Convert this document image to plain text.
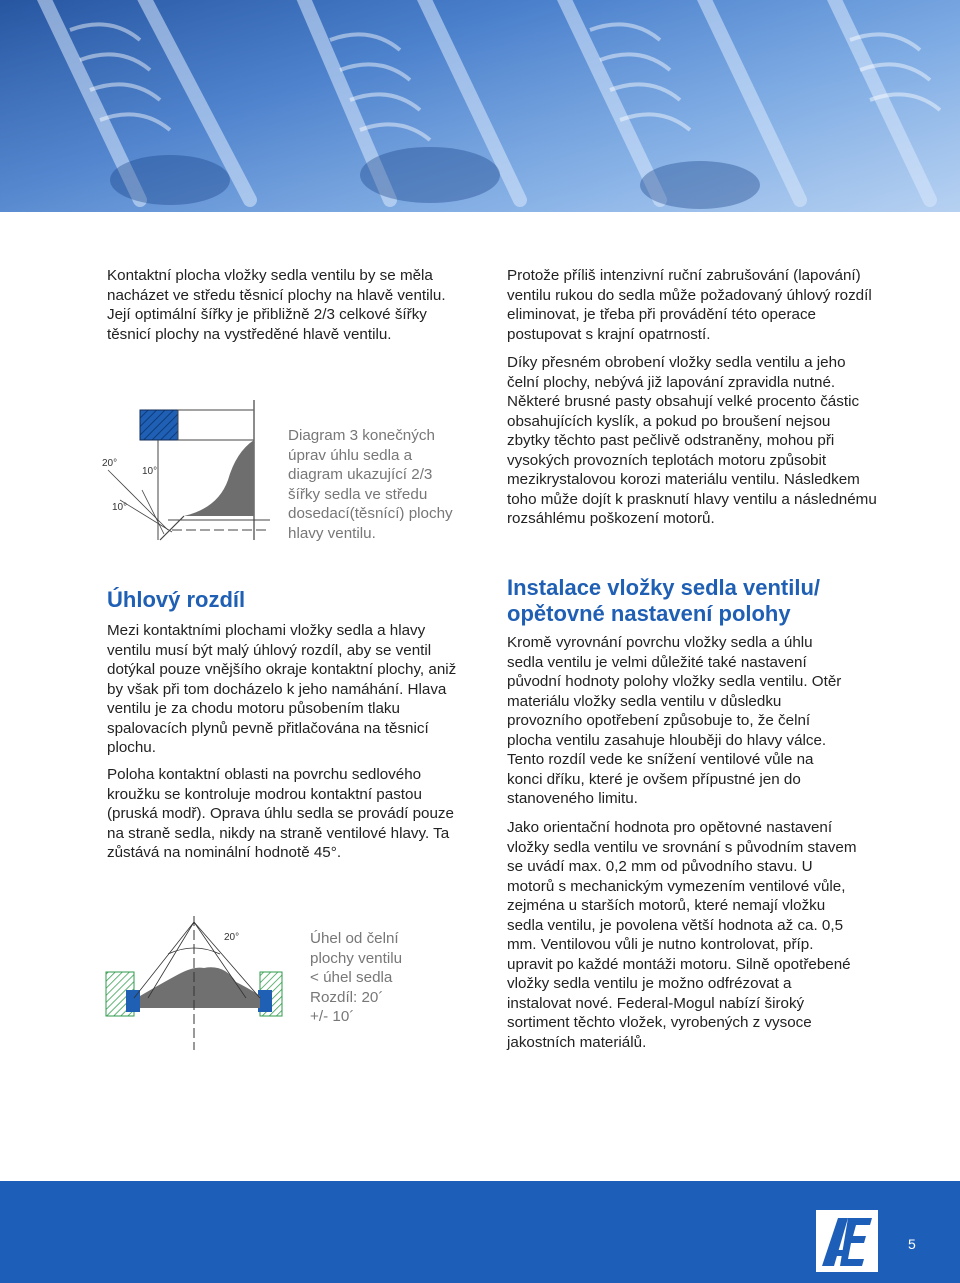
Kontaktní plocha vložky sedla ventilu by se měla nacházet ve středu těsnicí plochy na hlavě ventilu. Její optimální šířky je přibližně 2/3 celkové šířky těsnicí plochy na vystředěné hlavě ventilu.

20°
10°
10°

Diagram 3 konečných úprav úhlu sedla a diagram ukazující 2/3 šířky sedla ve středu dosedací(těsnící) plochy hlavy ventilu.

Úhlový rozdíl

Mezi kontaktními plochami vložky sedla a hlavy ventilu musí být malý úhlový rozdíl, aby se ventil dotýkal pouze vnějšího okraje kontaktní plochy, aniž by však při tom docházelo k jeho namáhání. Hlava ventilu je za chodu motoru působením tlaku spalovacích plynů pevně přitlačována na těsnicí plochu.

Poloha kontaktní oblasti na povrchu sedlového kroužku se kontroluje modrou kontaktní pastou (pruská modř). Oprava úhlu sedla se provádí pouze na straně sedla, nikdy na straně ventilové hlavy. Ta zůstává na nominální hodnotě 45°.

20°	Úhel od čelní
plochy ventilu
< úhel sedla
Rozdíl: 20´
+/- 10´

Protože příliš intenzivní ruční zabrušování (lapování) ventilu rukou do sedla může požadovaný úhlový rozdíl eliminovat, je třeba při provádění této operace postupovat s krajní opatrností.

Díky přesném obrobení vložky sedla ventilu a jeho čelní plochy, nebývá již lapování zpravidla nutné. Některé brusné pasty obsahují velké procento částic obsahujících kyslík, a pokud po broušení nejsou zbytky těchto past pečlivě odstraněny, mohou při vysokých provozních teplotách motoru způsobit mezikrystalovou korozi materiálu ventilu. Následkem toho může dojít k prasknutí hlavy ventilu a následnému rozsáhlému poškození motorů.

Instalace vložky sedla ventilu/
opětovné nastavení polohy

Kromě vyrovnání povrchu vložky sedla a úhlu sedla ventilu je velmi důležité také nastavení původní hodnoty polohy vložky sedla ventilu. Otěr materiálu vložky sedla ventilu v důsledku provozního opotřebení způsobuje to, že čelní plocha ventilu zasahuje hlouběji do hlavy válce. Tento rozdíl vede ke snížení ventilové vůle na konci dříku, které je ovšem přípustné jen do stanoveného limitu.

Jako orientační hodnota pro opětovné nastavení vložky sedla ventilu ve srovnání s původním stavem se uvádí max. 0,2 mm od původního stavu. U motorů s mechanickým vymezením ventilové vůle, zejména u starších motorů, které nemají vložku sedla ventilu, je povolena větší hodnota až ca. 0,5 mm. Ventilovou vůli je nutno kontrolovat, příp. upravit po každé montáži motoru. Silně opotřebené vložky sedla ventilu je možno odfrézovat a instalovat nové. Federal-Mogul nabízí široký sortiment těchto vložek, vyrobených z vysoce jakostních materiálů.

5
